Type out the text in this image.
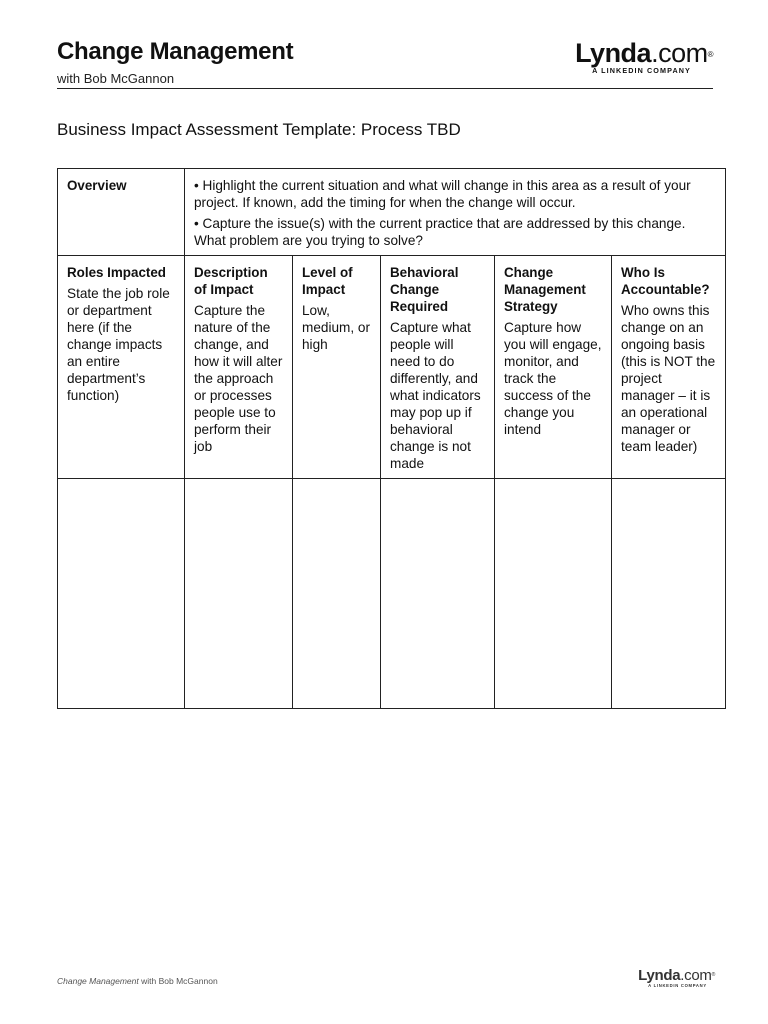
Change Management
with Bob McGannon
Lynda.com®
A LINKEDIN COMPANY
Business Impact Assessment Template: Process TBD
Overview	• Highlight the current situation and what will change in this area as a result of your project. If known, add the timing for when the change will occur.

• Capture the issue(s) with the current practice that are addressed by this change. What problem are you trying to solve?

Roles Impacted
State the job role or department here (if the change impacts an entire department’s function)
Description of Impact
Capture the nature of the change, and how it will alter the approach or processes people use to perform their job
Level of Impact
Low, medium, or high
Behavioral Change Required
Capture what people will need to do differently, and what indicators may pop up if behavioral change is not made
Change Management Strategy
Capture how you will engage, monitor, and track the success of the change you intend
Who Is Accountable?
Who owns this change on an ongoing basis (this is NOT the project manager – it is an operational manager or team leader)
Change Management with Bob McGannon	Lynda.com®
A LINKEDIN COMPANY
